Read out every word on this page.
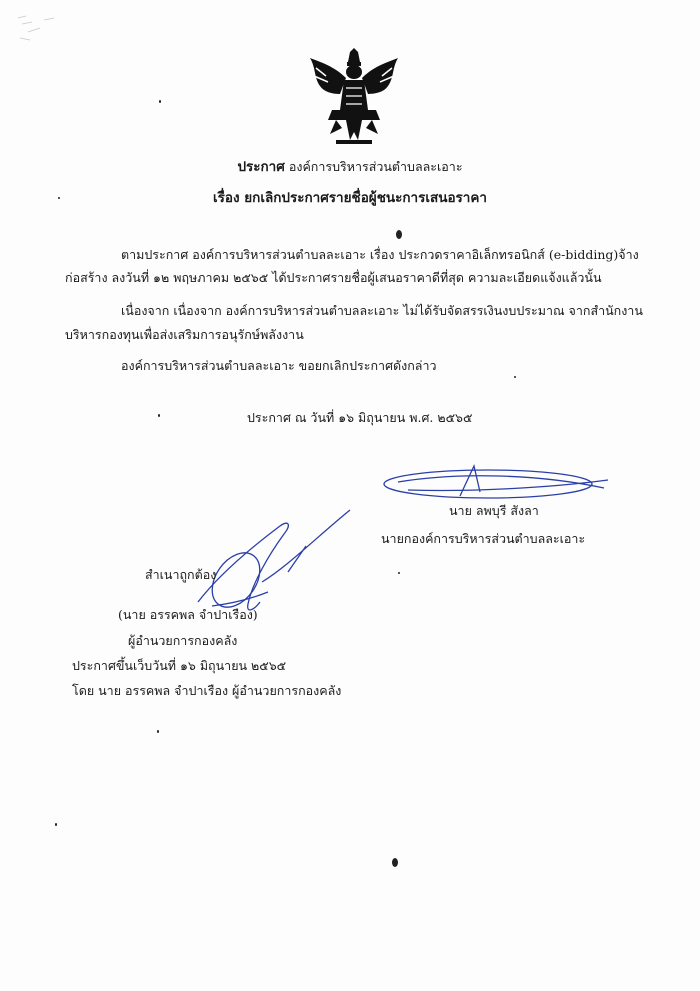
ประกาศ องค์การบริหารส่วนตำบลละเอาะ
เรื่อง ยกเลิกประกาศรายชื่อผู้ชนะการเสนอราคา
ตามประกาศ องค์การบริหารส่วนตำบลละเอาะ เรื่อง ประกวดราคาอิเล็กทรอนิกส์ (e-bidding)จ้าง
ก่อสร้าง ลงวันที่ ๑๒ พฤษภาคม ๒๕๖๕ ได้ประกาศรายชื่อผู้เสนอราคาดีที่สุด ความละเอียดแจ้งแล้วนั้น
เนื่องจาก เนื่องจาก องค์การบริหารส่วนตำบลละเอาะ ไม่ได้รับจัดสรรเงินงบประมาณ จากสำนักงาน
บริหารกองทุนเพื่อส่งเสริมการอนุรักษ์พลังงาน
องค์การบริหารส่วนตำบลละเอาะ ขอยกเลิกประกาศดังกล่าว
ประกาศ ณ วันที่ ๑๖ มิถุนายน พ.ศ. ๒๕๖๕
นาย ลพบุรี สังลา
นายกองค์การบริหารส่วนตำบลละเอาะ
สำเนาถูกต้อง
(นาย อรรคพล จำปาเรือง)
ผู้อำนวยการกองคลัง
ประกาศขึ้นเว็บวันที่ ๑๖ มิถุนายน ๒๕๖๕
โดย นาย อรรคพล จำปาเรือง ผู้อำนวยการกองคลัง
